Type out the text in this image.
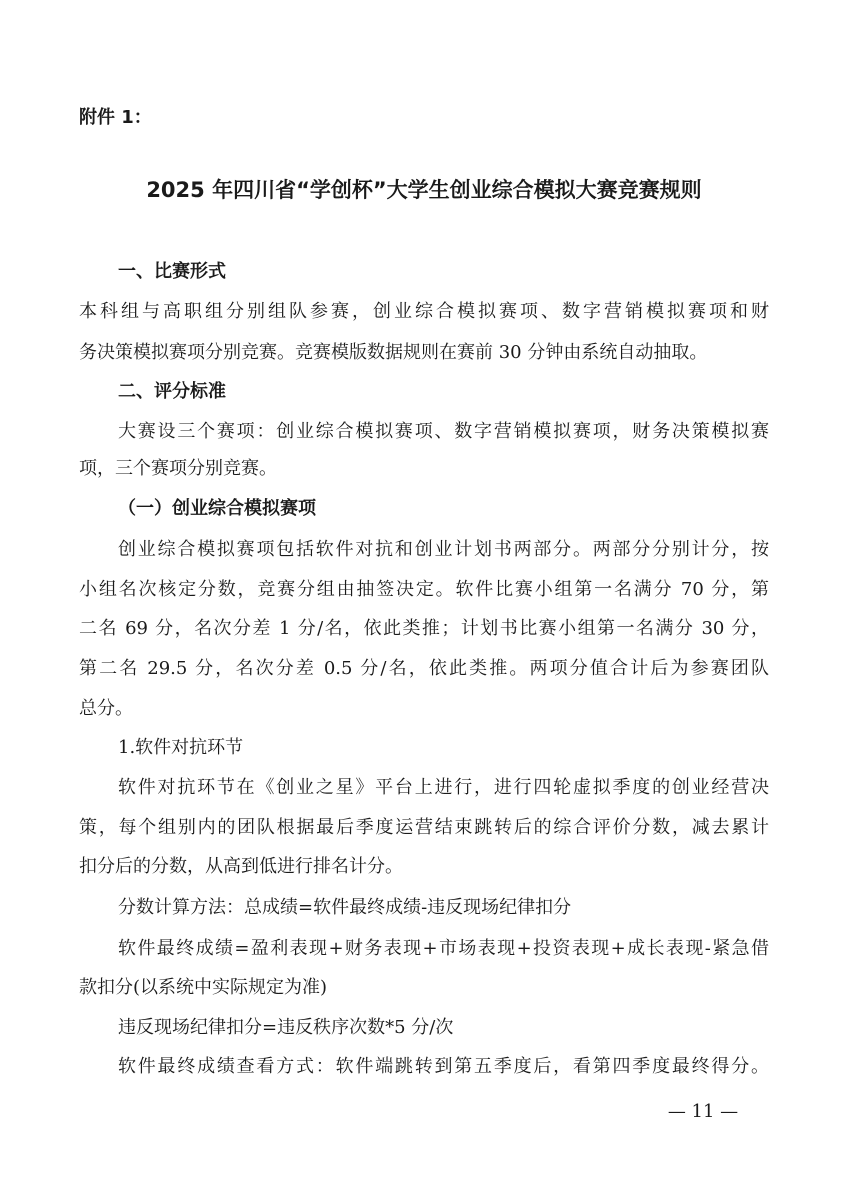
附件 1：
2025 年四川省“学创杯”大学生创业综合模拟大赛竞赛规则
一、比赛形式
本科组与高职组分别组队参赛，创业综合模拟赛项、数字营销模拟赛项和财
务决策模拟赛项分别竞赛。竞赛模版数据规则在赛前 30 分钟由系统自动抽取。
二、评分标准
大赛设三个赛项：创业综合模拟赛项、数字营销模拟赛项，财务决策模拟赛
项，三个赛项分别竞赛。
（一）创业综合模拟赛项
创业综合模拟赛项包括软件对抗和创业计划书两部分。两部分分别计分，按
小组名次核定分数，竞赛分组由抽签决定。软件比赛小组第一名满分 70 分，第
二名 69 分，名次分差 1 分/名，依此类推；计划书比赛小组第一名满分 30 分，
第二名 29.5 分，名次分差 0.5 分/名，依此类推。两项分值合计后为参赛团队
总分。
1.软件对抗环节
软件对抗环节在《创业之星》平台上进行，进行四轮虚拟季度的创业经营决
策，每个组别内的团队根据最后季度运营结束跳转后的综合评价分数，减去累计
扣分后的分数，从高到低进行排名计分。
分数计算方法：总成绩=软件最终成绩-违反现场纪律扣分
软件最终成绩=盈利表现+财务表现+市场表现+投资表现+成长表现-紧急借
款扣分(以系统中实际规定为准)
违反现场纪律扣分=违反秩序次数*5 分/次
软件最终成绩查看方式：软件端跳转到第五季度后，看第四季度最终得分。
— 11 —
